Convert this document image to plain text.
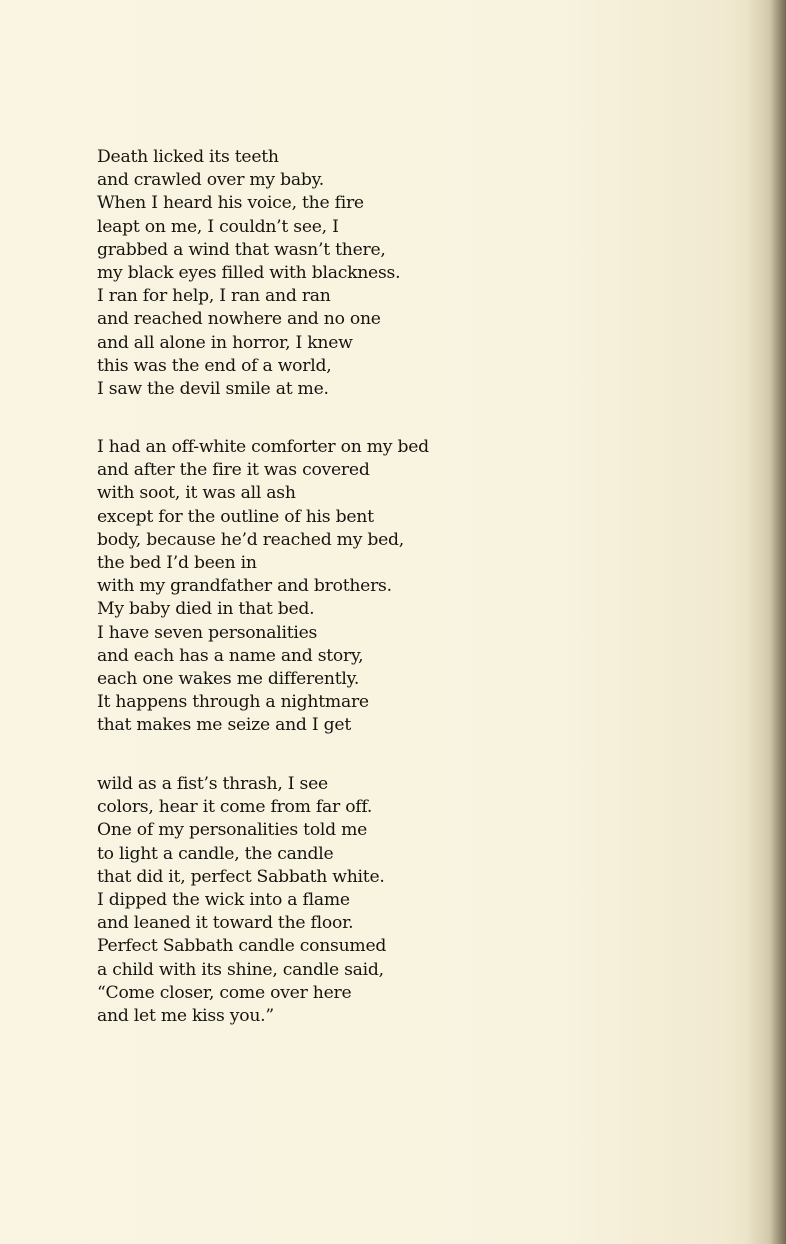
Death licked its teeth
and crawled over my baby.
When I heard his voice, the fire
leapt on me, I couldn’t see, I
grabbed a wind that wasn’t there,
my black eyes filled with blackness.
I ran for help, I ran and ran
and reached nowhere and no one
and all alone in horror, I knew
this was the end of a world,
I saw the devil smile at me.
I had an off-white comforter on my bed
and after the fire it was covered
with soot, it was all ash
except for the outline of his bent
body, because he’d reached my bed,
the bed I’d been in
with my grandfather and brothers.
My baby died in that bed.
I have seven personalities
and each has a name and story,
each one wakes me differently.
It happens through a nightmare
that makes me seize and I get
wild as a fist’s thrash, I see
colors, hear it come from far off.
One of my personalities told me
to light a candle, the candle
that did it, perfect Sabbath white.
I dipped the wick into a flame
and leaned it toward the floor.
Perfect Sabbath candle consumed
a child with its shine, candle said,
“Come closer, come over here
and let me kiss you.”
